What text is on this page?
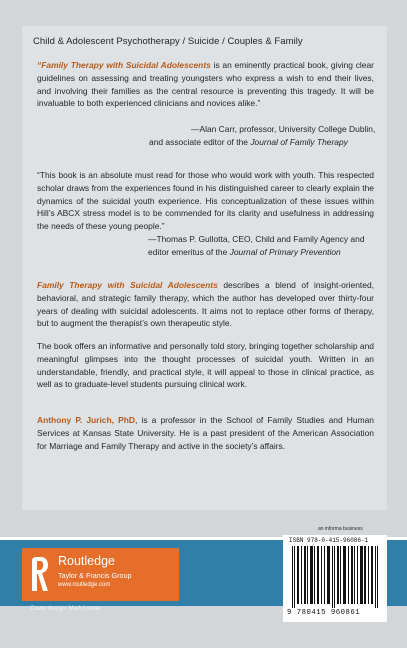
Child & Adolescent Psychotherapy / Suicide / Couples & Family
“Family Therapy with Suicidal Adolescents is an eminently practical book, giving clear guidelines on assessing and treating youngsters who express a wish to end their lives, and involving their families as the central resource is preventing this tragedy. It will be invaluable to both experienced clinicians and novices alike.”
—Alan Carr, professor, University College Dublin,
and associate editor of the Journal of Family Therapy
“This book is an absolute must read for those who would work with youth. This respected scholar draws from the experiences found in his distinguished career to clearly explain the dynamics of the suicidal youth experience. His conceptualization of these issues within Hill’s ABCX stress model is to be commended for its clarity and usefulness in addressing the needs of these young people.”
—Thomas P. Gullotta, CEO, Child and Family Agency and
editor emeritus of the Journal of Primary Prevention
Family Therapy with Suicidal Adolescents describes a blend of insight-oriented, behavioral, and strategic family therapy, which the author has developed over thirty-four years of dealing with suicidal adolescents. It aims not to replace other forms of therapy, but to augment the therapist’s own therapeutic style.
The book offers an informative and personally told story, bringing together scholarship and meaningful glimpses into the thought processes of suicidal youth. Written in an understandable, friendly, and practical style, it will appeal to those in clinical practice, as well as to graduate-level students pursuing clinical work.
Anthony P. Jurich, PhD, is a professor in the School of Family Studies and Human Services at Kansas State University. He is a past president of the American Association for Marriage and Family Therapy and active in the society’s affairs.
an informa business
Routledge
Taylor & Francis Group
www.routledge.com
Cover design: Mark Lerner
ISBN 978-0-415-96086-1
9 780415 960861
